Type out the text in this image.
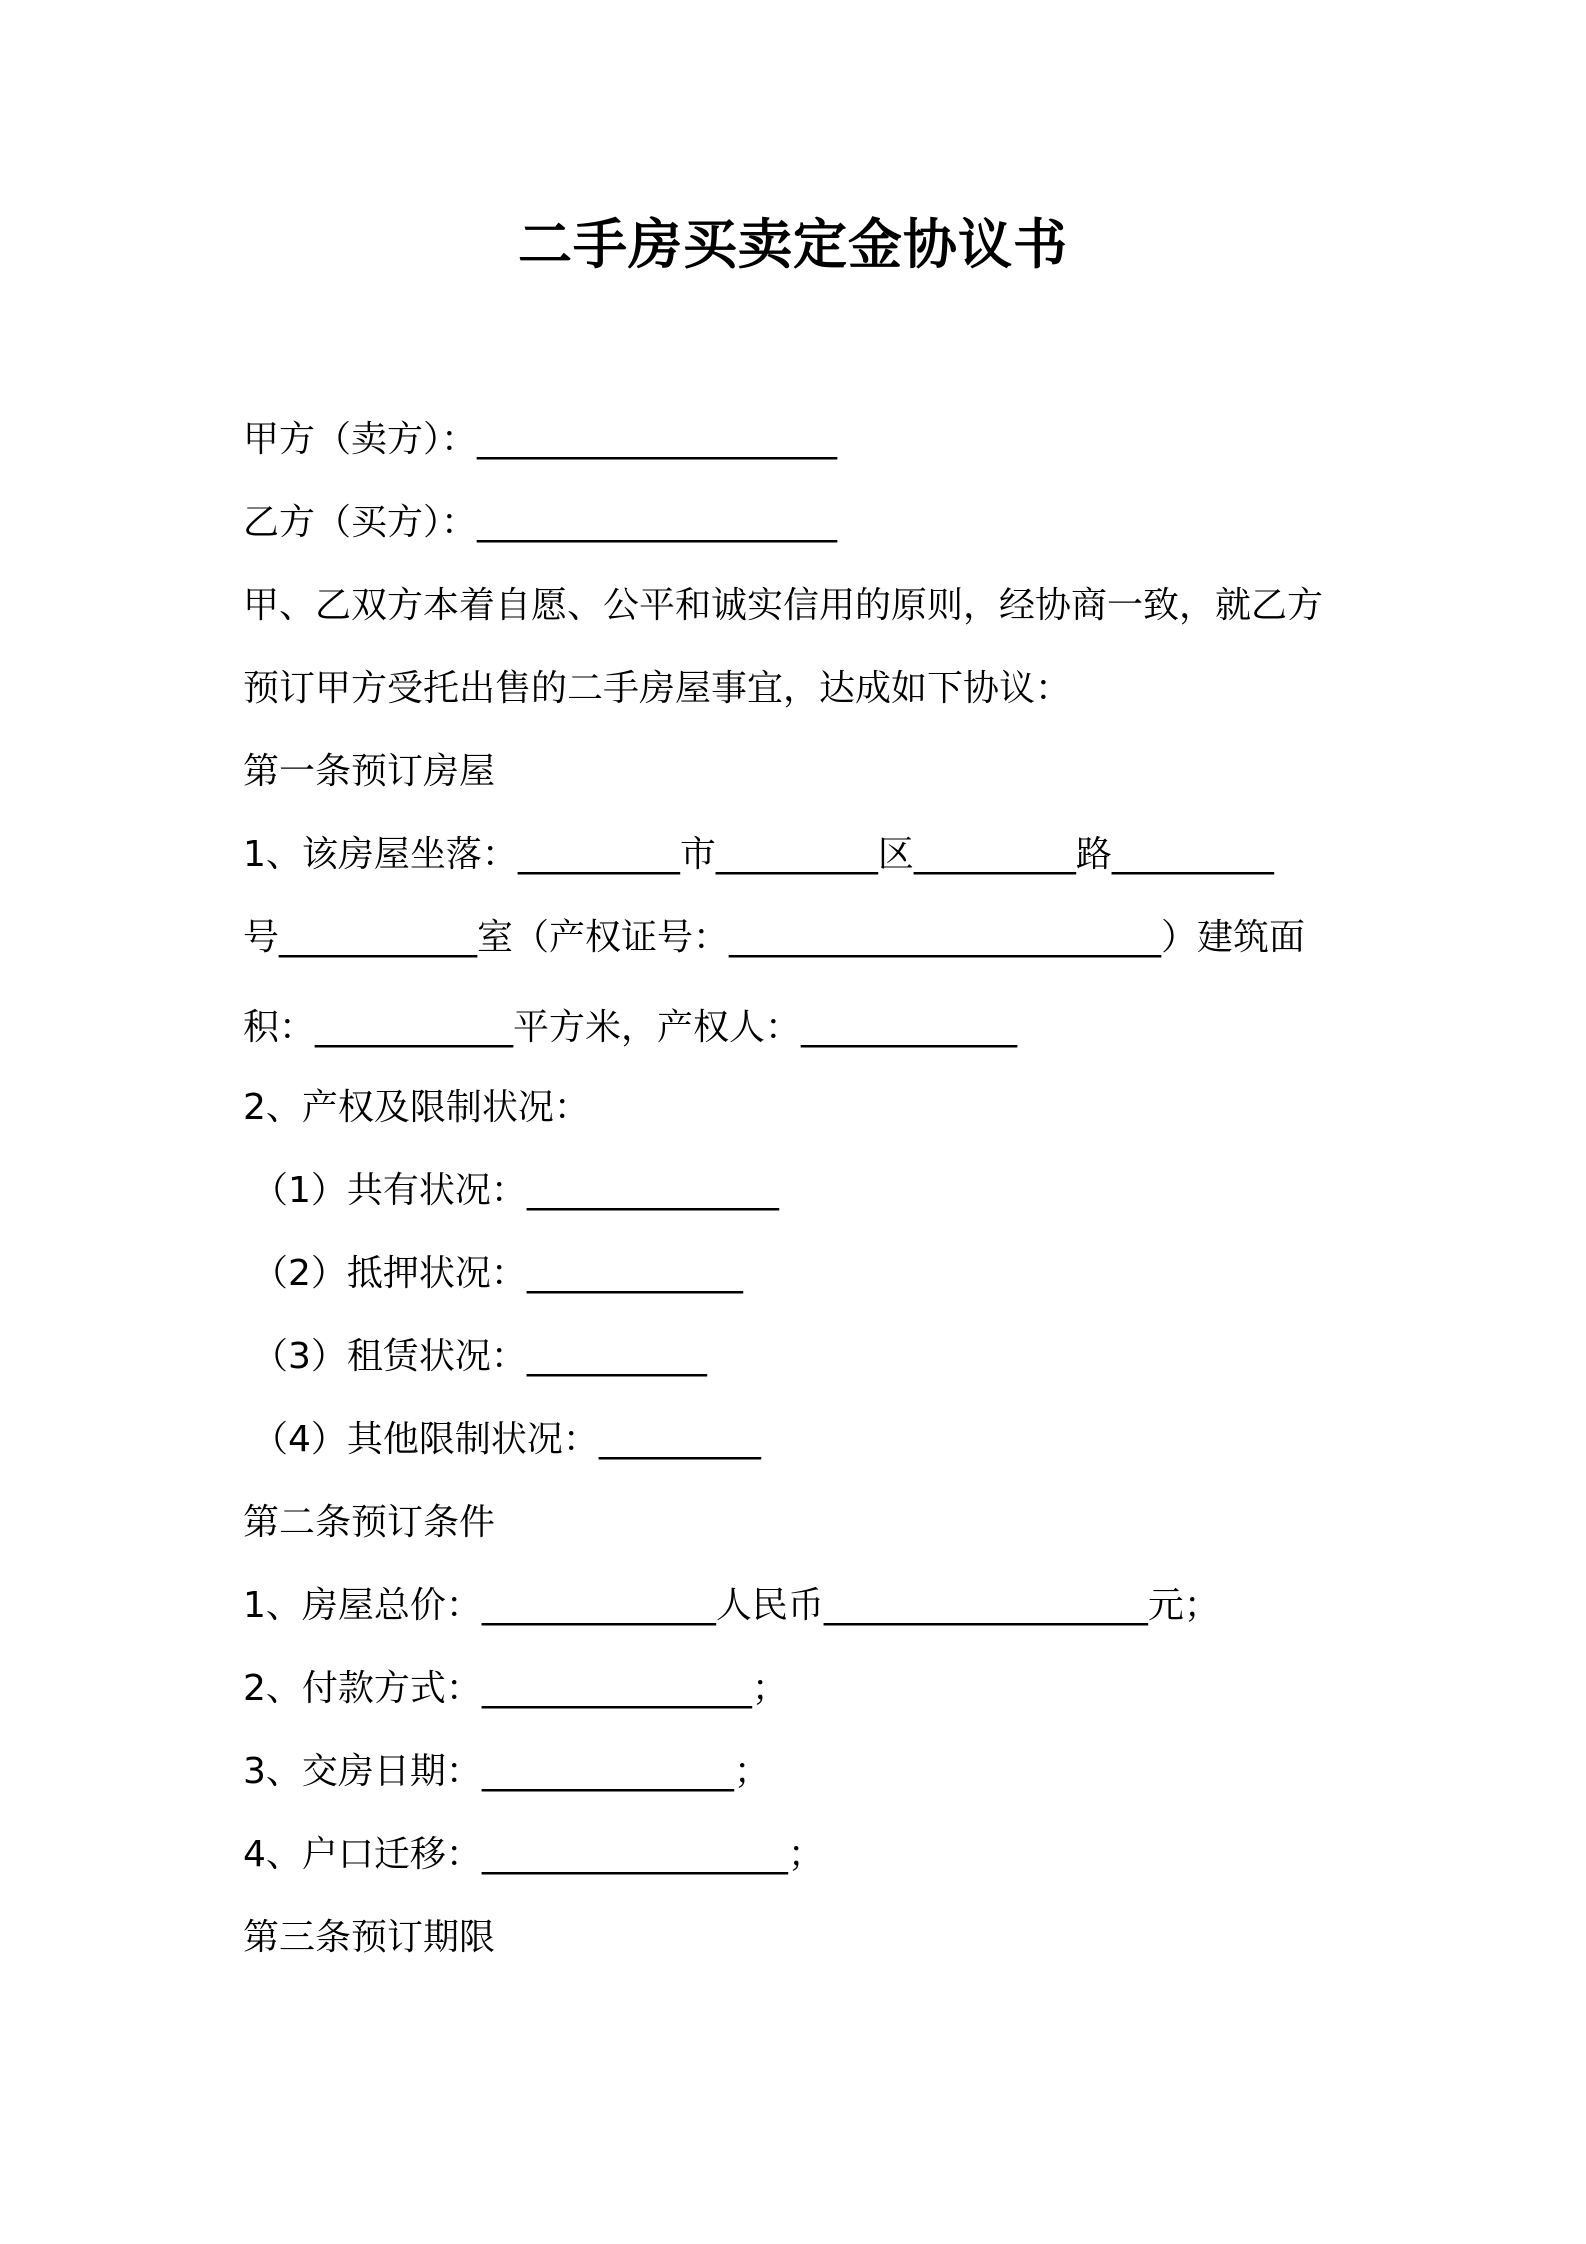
二手房买卖定金协议书
甲方（卖方）：____________________
乙方（买方）：____________________
甲、乙双方本着自愿、公平和诚实信用的原则，经协商一致，就乙方
预订甲方受托出售的二手房屋事宜，达成如下协议：
第一条预订房屋
1、该房屋坐落：_________市_________区_________路_________
号___________室（产权证号：________________________）建筑面
积：___________平方米，产权人：____________
2、产权及限制状况：
（1）共有状况：______________
（2）抵押状况：____________
（3）租赁状况：__________
（4）其他限制状况：_________
第二条预订条件
1、房屋总价：_____________人民币__________________元；
2、付款方式：_______________；
3、交房日期：______________；
4、户口迁移：_________________；
第三条预订期限
